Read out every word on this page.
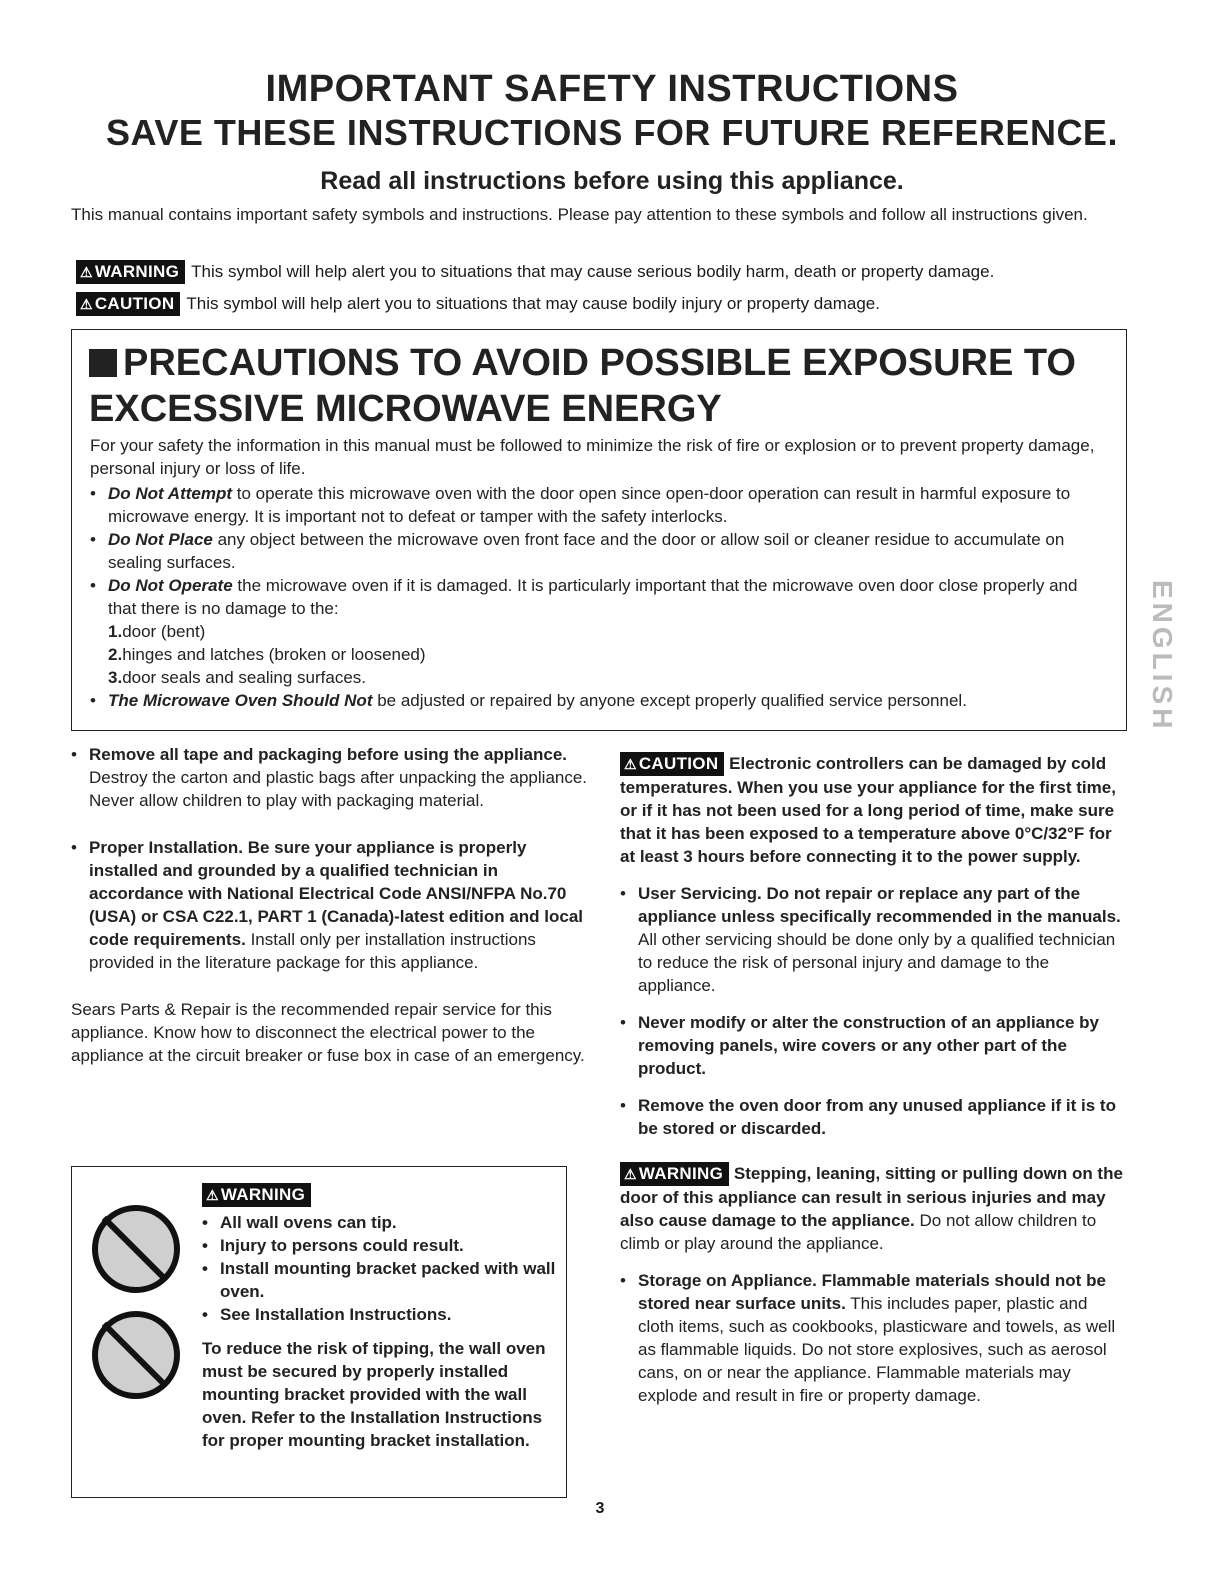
IMPORTANT SAFETY INSTRUCTIONS
SAVE THESE INSTRUCTIONS FOR FUTURE REFERENCE.
Read all instructions before using this appliance.
This manual contains important safety symbols and instructions. Please pay attention to these symbols and follow all instructions given.
⚠ WARNING This symbol will help alert you to situations that may cause serious bodily harm, death or property damage.
⚠ CAUTION This symbol will help alert you to situations that may cause bodily injury or property damage.
PRECAUTIONS TO AVOID POSSIBLE EXPOSURE TO
EXCESSIVE MICROWAVE ENERGY
For your safety the information in this manual must be followed to minimize the risk of fire or explosion or to prevent property damage, personal injury or loss of life.
• Do Not Attempt to operate this microwave oven with the door open since open-door operation can result in harmful exposure to microwave energy. It is important not to defeat or tamper with the safety interlocks.
• Do Not Place any object between the microwave oven front face and the door or allow soil or cleaner residue to accumulate on sealing surfaces.
• Do Not Operate the microwave oven if it is damaged. It is particularly important that the microwave oven door close properly and that there is no damage to the:
1.door (bent)
2.hinges and latches (broken or loosened)
3.door seals and sealing surfaces.
• The Microwave Oven Should Not be adjusted or repaired by anyone except properly qualified service personnel.	ENGLISH
• Remove all tape and packaging before using the appliance. Destroy the carton and plastic bags after unpacking the appliance. Never allow children to play with packaging material.
• Proper Installation. Be sure your appliance is properly installed and grounded by a qualified technician in accordance with National Electrical Code ANSI/NFPA No.70 (USA) or CSA C22.1, PART 1 (Canada)-latest edition and local code requirements. Install only per installation instructions provided in the literature package for this appliance.
Sears Parts & Repair is the recommended repair service for this appliance. Know how to disconnect the electrical power to the appliance at the circuit breaker or fuse box in case of an emergency.
⚠ WARNING
• All wall ovens can tip.
• Injury to persons could result.
• Install mounting bracket packed with wall oven.
• See Installation Instructions.
To reduce the risk of tipping, the wall oven must be secured by properly installed mounting bracket provided with the wall oven. Refer to the Installation Instructions for proper mounting bracket installation.
⚠ CAUTION Electronic controllers can be damaged by cold temperatures. When you use your appliance for the first time, or if it has not been used for a long period of time, make sure that it has been exposed to a temperature above 0°C/32°F for at least 3 hours before connecting it to the power supply.
• User Servicing. Do not repair or replace any part of the appliance unless specifically recommended in the manuals. All other servicing should be done only by a qualified technician to reduce the risk of personal injury and damage to the appliance.
• Never modify or alter the construction of an appliance by removing panels, wire covers or any other part of the product.
• Remove the oven door from any unused appliance if it is to be stored or discarded.
⚠ WARNING Stepping, leaning, sitting or pulling down on the door of this appliance can result in serious injuries and may also cause damage to the appliance. Do not allow children to climb or play around the appliance.
• Storage on Appliance. Flammable materials should not be stored near surface units. This includes paper, plastic and cloth items, such as cookbooks, plasticware and towels, as well as flammable liquids. Do not store explosives, such as aerosol cans, on or near the appliance. Flammable materials may explode and result in fire or property damage.
3
